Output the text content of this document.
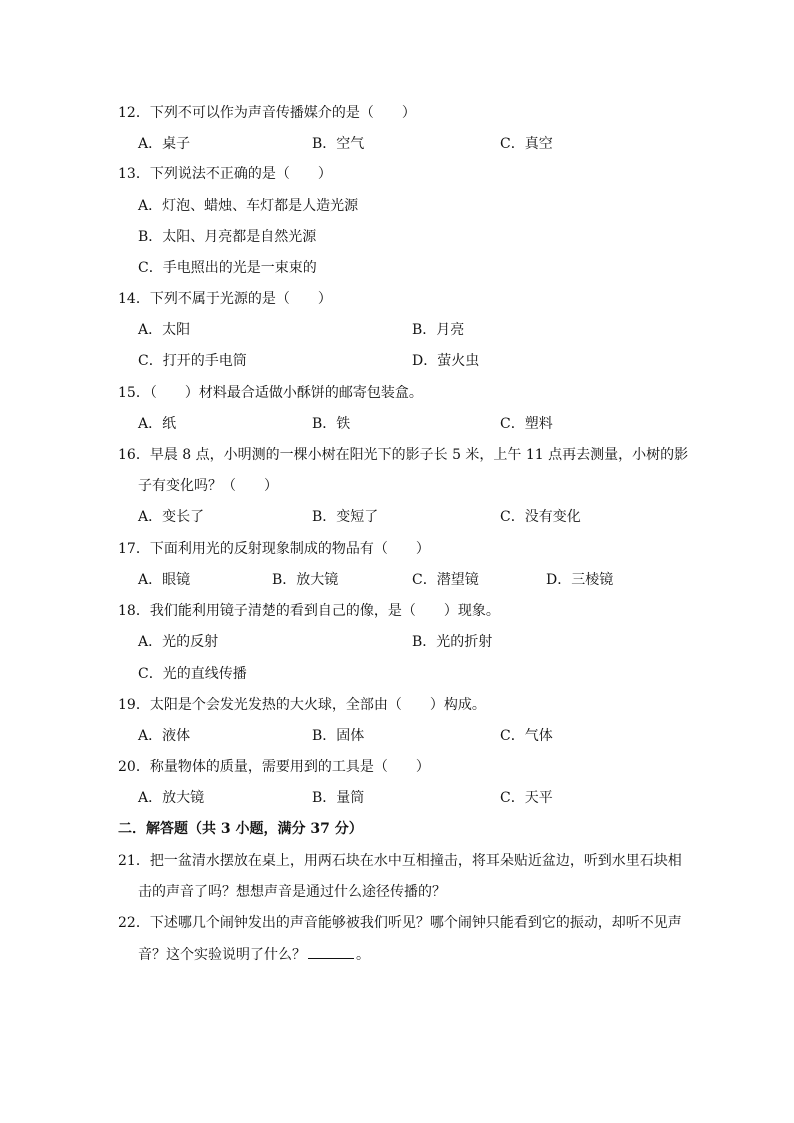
12．下列不可以作为声音传播媒介的是（　　）
A．桌子	B．空气	C．真空
13．下列说法不正确的是（　　）
A．灯泡、蜡烛、车灯都是人造光源
B．太阳、月亮都是自然光源
C．手电照出的光是一束束的
14．下列不属于光源的是（　　）
A．太阳	B．月亮
C．打开的手电筒	D．萤火虫
15．（　　）材料最合适做小酥饼的邮寄包装盒。
A．纸	B．铁	C．塑料
16．早晨 8 点，小明测的一棵小树在阳光下的影子长 5 米，上午 11 点再去测量，小树的影
子有变化吗？（　　）
A．变长了	B．变短了	C．没有变化
17．下面利用光的反射现象制成的物品有（　　）
A．眼镜	B．放大镜	C．潜望镜	D．三棱镜
18．我们能利用镜子清楚的看到自己的像，是（　　）现象。
A．光的反射	B．光的折射
C．光的直线传播
19．太阳是个会发光发热的大火球，全部由（　　）构成。
A．液体	B．固体	C．气体
20．称量物体的质量，需要用到的工具是（　　）
A．放大镜	B．量筒	C．天平
二．解答题（共 3 小题，满分 37 分）
21．把一盆清水摆放在桌上，用两石块在水中互相撞击，将耳朵贴近盆边，听到水里石块相
击的声音了吗？想想声音是通过什么途径传播的？
22．下述哪几个闹钟发出的声音能够被我们听见？哪个闹钟只能看到它的振动，却听不见声
音？这个实验说明了什么？	。
